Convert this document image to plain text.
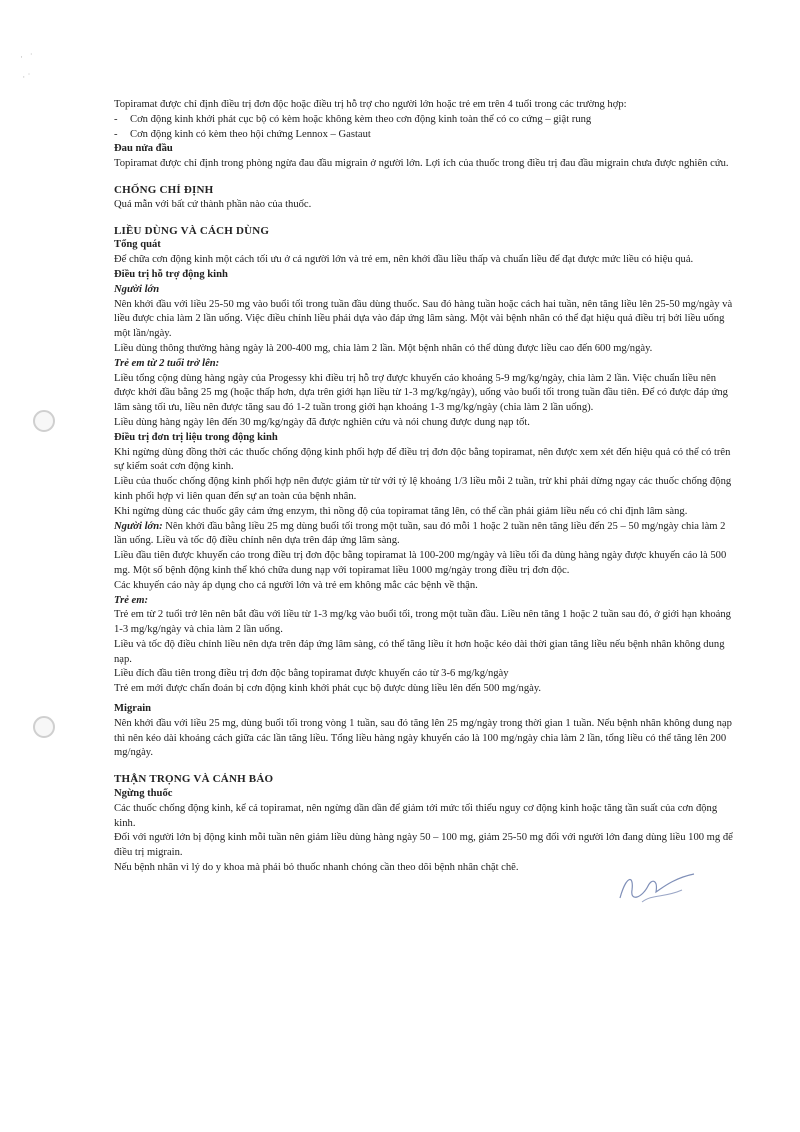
·   ˙

· ˙

Topiramat được chỉ định điều trị đơn độc hoặc điều trị hỗ trợ cho người lớn hoặc trẻ em trên 4 tuổi trong các trường hợp:

- Cơn động kinh khởi phát cục bộ có kèm hoặc không kèm theo cơn động kinh toàn thể có co cứng – giật rung

- Cơn động kinh có kèm theo hội chứng Lennox – Gastaut

Đau nửa đầu

Topiramat được chỉ định trong phòng ngừa đau đầu migrain ở người lớn. Lợi ích của thuốc trong điều trị đau đầu migrain chưa được nghiên cứu.

CHỐNG CHỈ ĐỊNH

Quá mẫn với bất cứ thành phần nào của thuốc.

LIỀU DÙNG VÀ CÁCH DÙNG

Tổng quát

Để chữa cơn động kinh một cách tối ưu ở cả người lớn và trẻ em, nên khởi đầu liều thấp và chuẩn liều để đạt được mức liều có hiệu quả.

Điều trị hỗ trợ động kinh

Người lớn

Nên khởi đầu với liều 25-50 mg vào buổi tối trong tuần đầu dùng thuốc. Sau đó hàng tuần hoặc cách hai tuần, nên tăng liều lên 25-50 mg/ngày và liều được chia làm 2 lần uống. Việc điều chỉnh liều phải dựa vào đáp ứng lâm sàng. Một vài bệnh nhân có thể đạt hiệu quả điều trị bởi liều uống một lần/ngày.

Liều dùng thông thường hàng ngày là 200-400 mg, chia làm 2 lần. Một bệnh nhân có thể dùng được liều cao đến 600 mg/ngày.

Trẻ em từ 2 tuổi trở lên:

Liều tổng cộng dùng hàng ngày của Progessy khi điều trị hỗ trợ được khuyến cáo khoảng 5-9 mg/kg/ngày, chia làm 2 lần. Việc chuẩn liều nên được khởi đầu bằng 25 mg (hoặc thấp hơn, dựa trên giới hạn liều từ 1-3 mg/kg/ngày), uống vào buổi tối trong tuần đầu tiên. Để có được đáp ứng lâm sàng tối ưu, liều nên được tăng sau đó 1-2 tuần trong giới hạn khoảng 1-3 mg/kg/ngày (chia làm 2 lần uống).

Liều dùng hàng ngày lên đến 30 mg/kg/ngày đã được nghiên cứu và nói chung được dung nạp tốt.

Điều trị đơn trị liệu trong động kinh

Khi ngừng dùng đồng thời các thuốc chống động kinh phối hợp để điều trị đơn độc bằng topiramat, nên được xem xét đến hiệu quả có thể có trên sự kiểm soát cơn động kinh.

Liều của thuốc chống động kinh phối hợp nên được giảm từ từ với tỷ lệ khoảng 1/3 liều mỗi 2 tuần, trừ khi phải dừng ngay các thuốc chống động kinh phối hợp vì liên quan đến sự an toàn của bệnh nhân.

Khi ngừng dùng các thuốc gây cảm ứng enzym, thì nồng độ của topiramat tăng lên, có thể cần phải giảm liều nếu có chỉ định lâm sàng.

Người lớn: Nên khởi đầu bằng liều 25 mg dùng buổi tối trong một tuần, sau đó mỗi 1 hoặc 2 tuần nên tăng liều đến 25 – 50 mg/ngày chia làm 2 lần uống. Liều và tốc độ điều chỉnh nên dựa trên đáp ứng lâm sàng.

Liều đầu tiên được khuyến cáo trong điều trị đơn độc bằng topiramat là 100-200 mg/ngày và liều tối đa dùng hàng ngày được khuyến cáo là 500 mg. Một số bệnh động kinh thể khó chữa dung nạp với topiramat liều 1000 mg/ngày trong điều trị đơn độc.

Các khuyến cáo này áp dụng cho cả người lớn và trẻ em không mắc các bệnh về thận.

Trẻ em:

Trẻ em từ 2 tuổi trở lên nên bắt đầu với liều từ 1-3 mg/kg vào buổi tối, trong một tuần đầu. Liều nên tăng 1 hoặc 2 tuần sau đó, ở giới hạn khoảng 1-3 mg/kg/ngày và chia làm 2 lần uống.

Liều và tốc độ điều chỉnh liều nên dựa trên đáp ứng lâm sàng, có thể tăng liều ít hơn hoặc kéo dài thời gian tăng liều nếu bệnh nhân không dung nạp.

Liều đích đầu tiên trong điều trị đơn độc bằng topiramat được khuyến cáo từ 3-6 mg/kg/ngày

Trẻ em mới được chẩn đoán bị cơn động kinh khởi phát cục bộ được dùng liều lên đến 500 mg/ngày.

Migrain

Nên khởi đầu với liều 25 mg, dùng buổi tối trong vòng 1 tuần, sau đó tăng lên 25 mg/ngày trong thời gian 1 tuần. Nếu bệnh nhân không dung nạp thì nên kéo dài khoảng cách giữa các lần tăng liều. Tổng liều hàng ngày khuyến cáo là 100 mg/ngày chia làm 2 lần, tổng liều có thể tăng lên 200 mg/ngày.

THẬN TRỌNG VÀ CẢNH BÁO

Ngừng thuốc

Các thuốc chống động kinh, kể cả topiramat, nên ngừng dần dần để giảm tới mức tối thiểu nguy cơ động kinh hoặc tăng tần suất của cơn động kinh.

Đối với người lớn bị động kinh mỗi tuần nên giảm liều dùng hàng ngày 50 – 100 mg, giảm 25-50 mg đối với người lớn đang dùng liều 100 mg để điều trị migrain.

Nếu bệnh nhân vì lý do y khoa mà phải bỏ thuốc nhanh chóng cần theo dõi bệnh nhân chặt chẽ.
